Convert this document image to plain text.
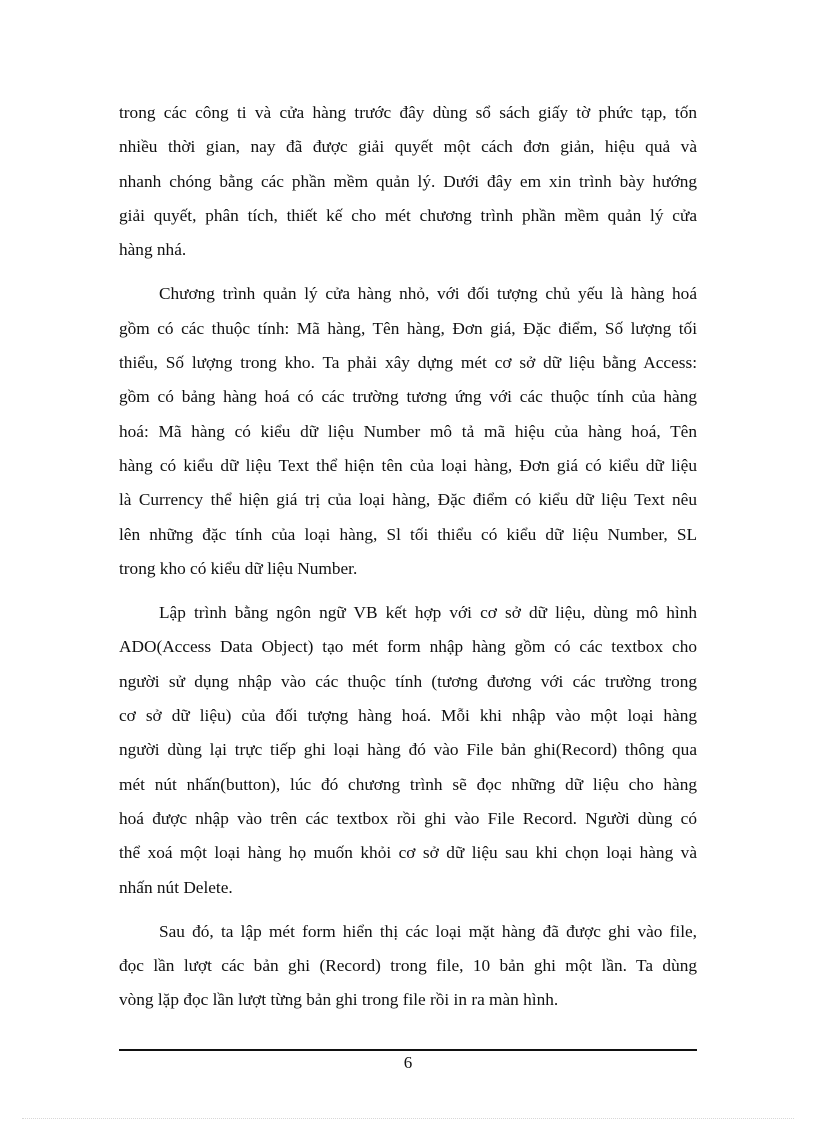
trong các công ti và cửa hàng trước đây dùng sổ sách giấy tờ phức tạp, tốn
nhiều thời gian, nay đã được giải quyết một cách đơn giản, hiệu quả và
nhanh chóng bằng các phần mềm quản lý. Dưới đây em xin trình bày hướng
giải quyết, phân tích, thiết kế cho mét chương trình phần mềm quản lý cửa
hàng nhá.

Chương trình quản lý cửa hàng nhỏ, với đối tượng chủ yếu là hàng hoá
gồm có các thuộc tính: Mã hàng, Tên hàng, Đơn giá, Đặc điểm, Số lượng tối
thiểu, Số lượng trong kho. Ta phải xây dựng mét cơ sở dữ liệu bằng Access:
gồm có bảng hàng hoá có các trường tương ứng với các thuộc tính của hàng
hoá: Mã hàng có kiểu dữ liệu Number mô tả mã hiệu của hàng hoá, Tên
hàng có kiểu dữ liệu Text thể hiện tên của loại hàng, Đơn giá có kiểu dữ liệu
là Currency thể hiện giá trị của loại hàng, Đặc điểm có kiểu dữ liệu Text nêu
lên những đặc tính của loại hàng, Sl tối thiểu có kiểu dữ liệu Number, SL
trong kho có kiểu dữ liệu Number.

Lập trình bằng ngôn ngữ VB kết hợp với cơ sở dữ liệu, dùng mô hình
ADO(Access Data Object) tạo mét form nhập hàng gồm có các textbox cho
người sử dụng nhập vào các thuộc tính (tương đương với các trường trong
cơ sở dữ liệu) của đối tượng hàng hoá. Mỗi khi nhập vào một loại hàng
người dùng lại trực tiếp ghi loại hàng đó vào File bản ghi(Record) thông qua
mét nút nhấn(button), lúc đó chương trình sẽ đọc những dữ liệu cho hàng
hoá được nhập vào trên các textbox rồi ghi vào File Record. Người dùng có
thể xoá một loại hàng họ muốn khỏi cơ sở dữ liệu sau khi chọn loại hàng và
nhấn nút Delete.

Sau đó, ta lập mét form hiển thị các loại mặt hàng đã được ghi vào file,
đọc lần lượt các bản ghi (Record) trong file, 10 bản ghi một lần. Ta dùng
vòng lặp đọc lần lượt từng bản ghi trong file rồi in ra màn hình.

6
